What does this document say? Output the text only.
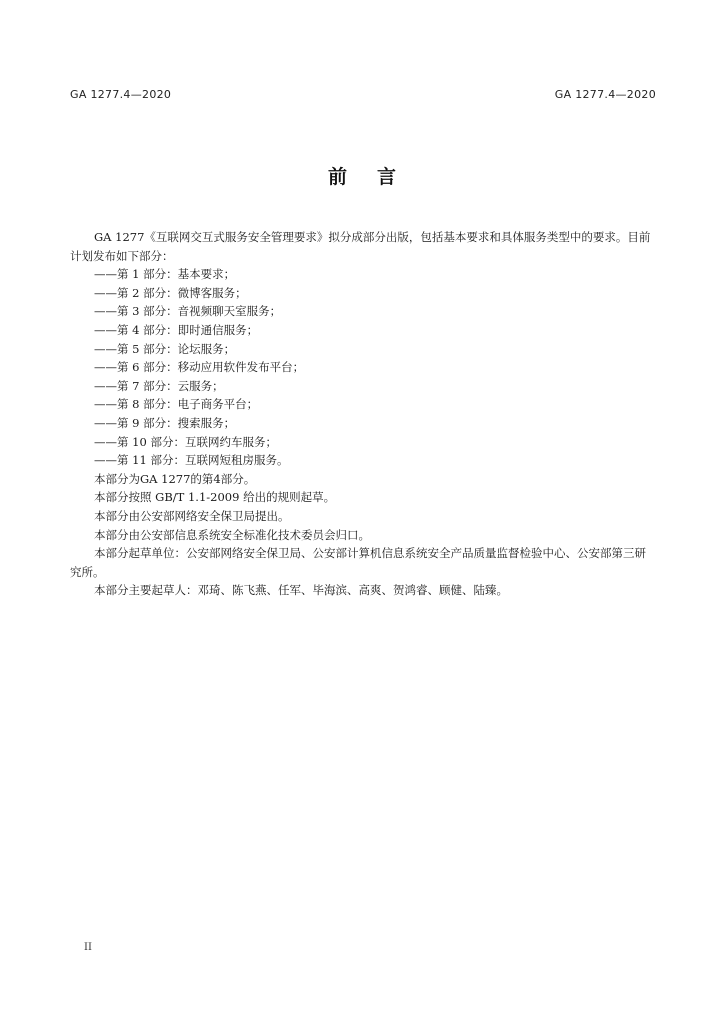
GA 1277.4—2020	GA 1277.4—2020
前言

GA 1277《互联网交互式服务安全管理要求》拟分成部分出版，包括基本要求和具体服务类型中的要求。目前计划发布如下部分：

——第 1 部分：基本要求；
——第 2 部分：微博客服务；
——第 3 部分：音视频聊天室服务；
——第 4 部分：即时通信服务；
——第 5 部分：论坛服务；
——第 6 部分：移动应用软件发布平台；
——第 7 部分：云服务；
——第 8 部分：电子商务平台；
——第 9 部分：搜索服务；
——第 10 部分：互联网约车服务；
——第 11 部分：互联网短租房服务。

本部分为GA 1277的第4部分。

本部分按照 GB/T 1.1-2009 给出的规则起草。

本部分由公安部网络安全保卫局提出。

本部分由公安部信息系统安全标准化技术委员会归口。

本部分起草单位：公安部网络安全保卫局、公安部计算机信息系统安全产品质量监督检验中心、公安部第三研究所。

本部分主要起草人：邓琦、陈飞燕、任军、毕海滨、高爽、贺鸿睿、顾健、陆臻。

II
